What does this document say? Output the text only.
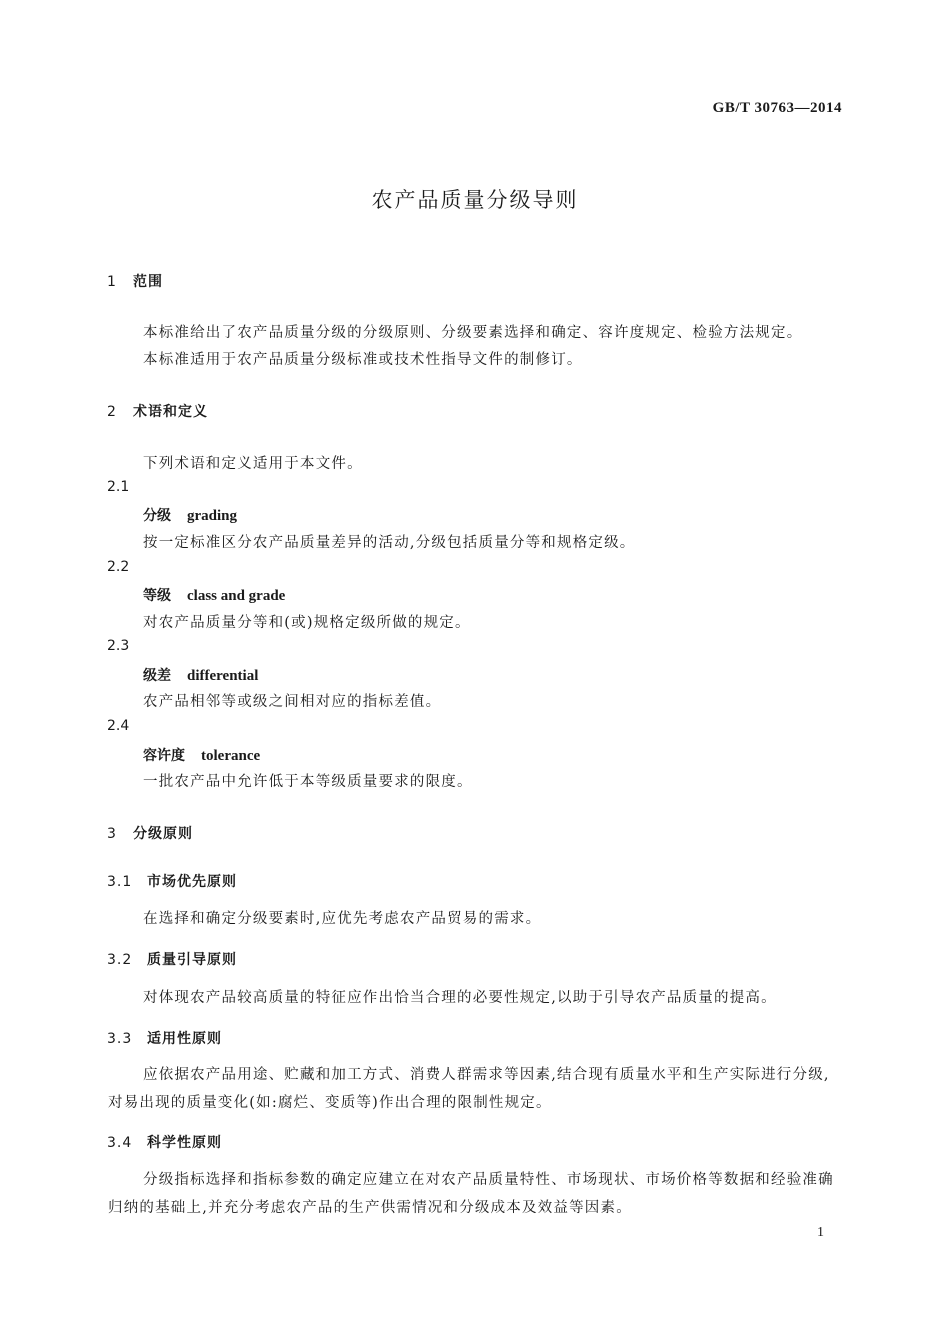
GB/T 30763—2014
农产品质量分级导则
1 范围
本标准给出了农产品质量分级的分级原则、分级要素选择和确定、容许度规定、检验方法规定。
本标准适用于农产品质量分级标准或技术性指导文件的制修订。
2 术语和定义
下列术语和定义适用于本文件。
2.1
分级 grading
按一定标准区分农产品质量差异的活动,分级包括质量分等和规格定级。
2.2
等级 class and grade
对农产品质量分等和(或)规格定级所做的规定。
2.3
级差 differential
农产品相邻等或级之间相对应的指标差值。
2.4
容许度 tolerance
一批农产品中允许低于本等级质量要求的限度。
3 分级原则
3.1 市场优先原则
在选择和确定分级要素时,应优先考虑农产品贸易的需求。
3.2 质量引导原则
对体现农产品较高质量的特征应作出恰当合理的必要性规定,以助于引导农产品质量的提高。
3.3 适用性原则
应依据农产品用途、贮藏和加工方式、消费人群需求等因素,结合现有质量水平和生产实际进行分级,对易出现的质量变化(如:腐烂、变质等)作出合理的限制性规定。
3.4 科学性原则
分级指标选择和指标参数的确定应建立在对农产品质量特性、市场现状、市场价格等数据和经验准确归纳的基础上,并充分考虑农产品的生产供需情况和分级成本及效益等因素。
1
